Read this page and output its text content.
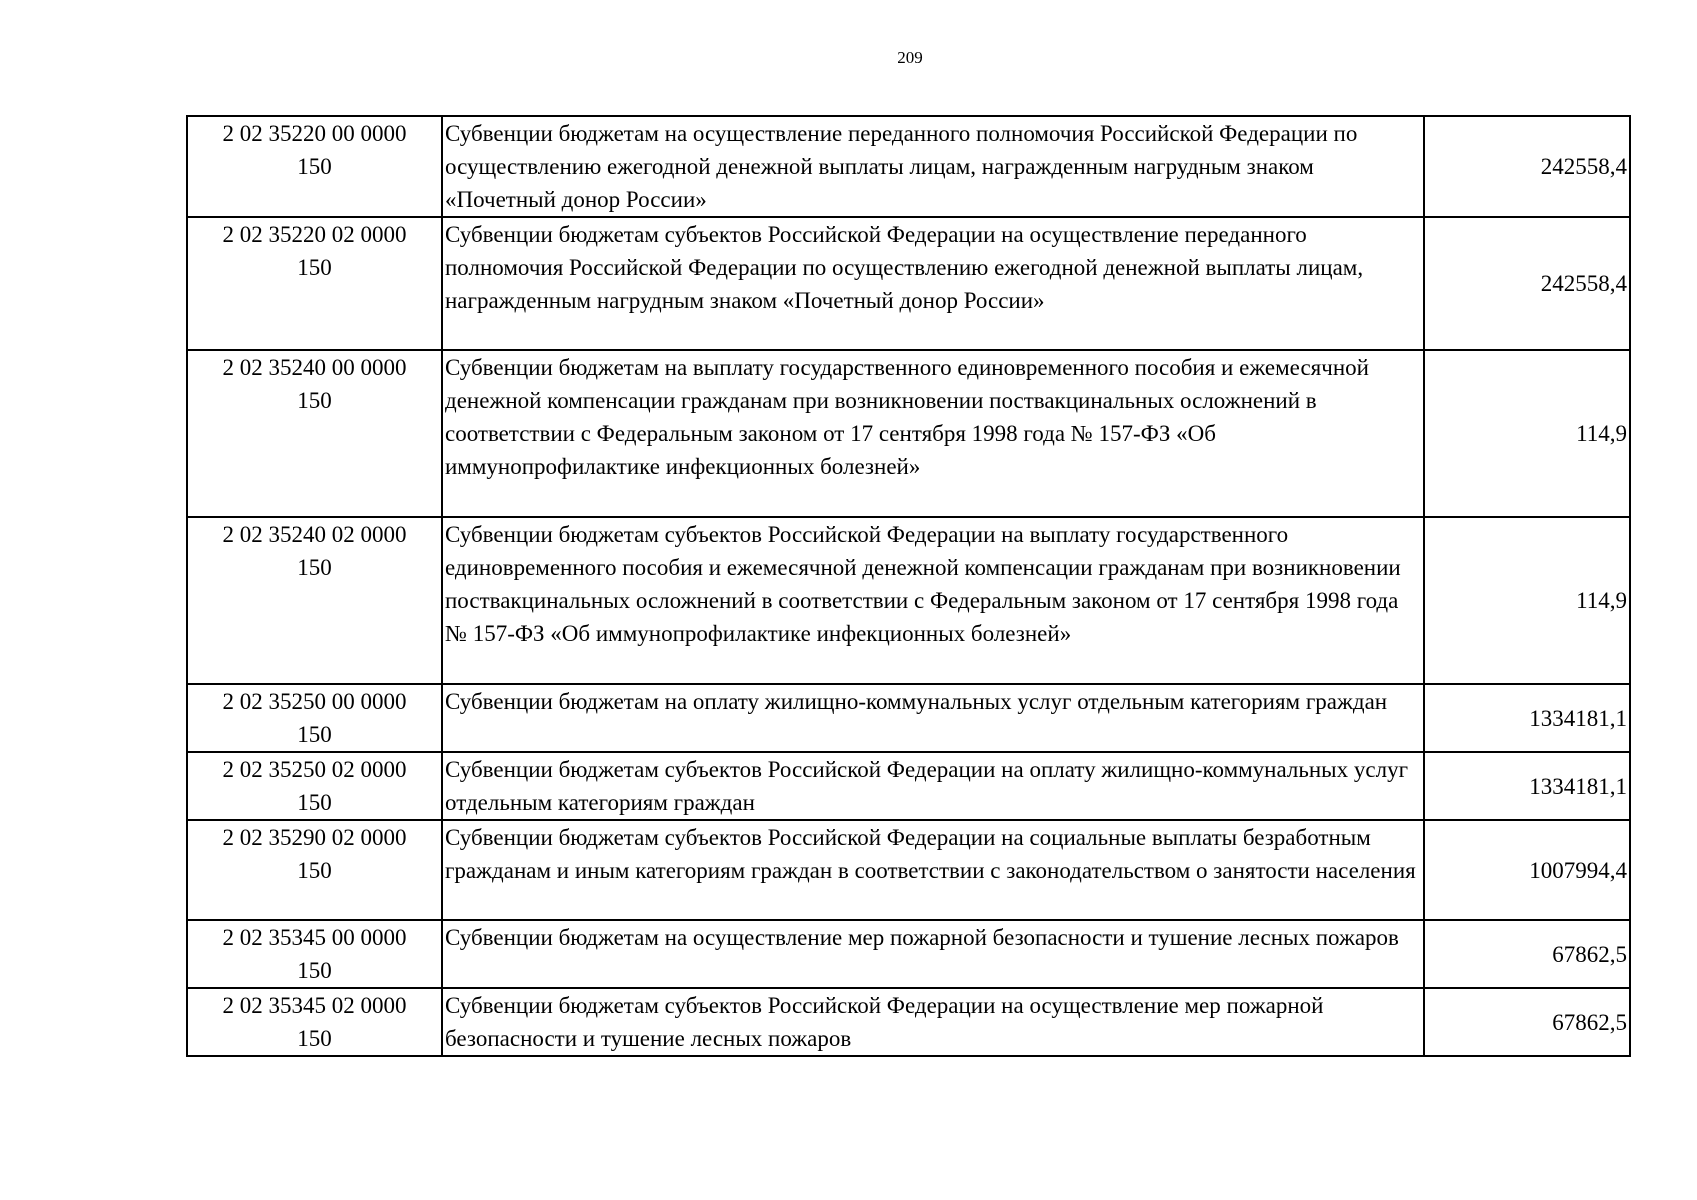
209
2 02 35220 00 0000
150	Субвенции бюджетам на осуществление переданного полномочия Российской Федерации по осуществлению ежегодной денежной выплаты лицам, награжденным нагрудным знаком «Почетный донор России»	242558,4

2 02 35220 02 0000
150	Субвенции бюджетам субъектов Российской Федерации на осуществление переданного полномочия Российской Федерации по осуществлению ежегодной денежной выплаты лицам, награжденным нагрудным знаком «Почетный донор России»	242558,4

2 02 35240 00 0000
150	Субвенции бюджетам на выплату государственного единовременного пособия и ежемесячной денежной компенсации гражданам при возникновении поствакцинальных осложнений в соответствии с Федеральным законом от 17 сентября 1998 года № 157-ФЗ «Об иммунопрофилактике инфекционных болезней»	114,9

2 02 35240 02 0000
150	Субвенции бюджетам субъектов Российской Федерации на выплату государственного единовременного пособия и ежемесячной денежной компенсации гражданам при возникновении поствакцинальных осложнений в соответствии с Федеральным законом от 17 сентября 1998 года № 157-ФЗ «Об иммунопрофилактике инфекционных болезней»	114,9

2 02 35250 00 0000
150	Субвенции бюджетам на оплату жилищно-коммунальных услуг отдельным категориям граждан	1334181,1

2 02 35250 02 0000
150	Субвенции бюджетам субъектов Российской Федерации на оплату жилищно-коммунальных услуг отдельным категориям граждан	1334181,1

2 02 35290 02 0000
150	Субвенции бюджетам субъектов Российской Федерации на социальные выплаты безработным гражданам и иным категориям граждан в соответствии с законодательством о занятости населения	1007994,4

2 02 35345 00 0000
150	Субвенции бюджетам на осуществление мер пожарной безопасности и тушение лесных пожаров	67862,5

2 02 35345 02 0000
150	Субвенции бюджетам субъектов Российской Федерации на осуществление мер пожарной безопасности и тушение лесных пожаров	67862,5
